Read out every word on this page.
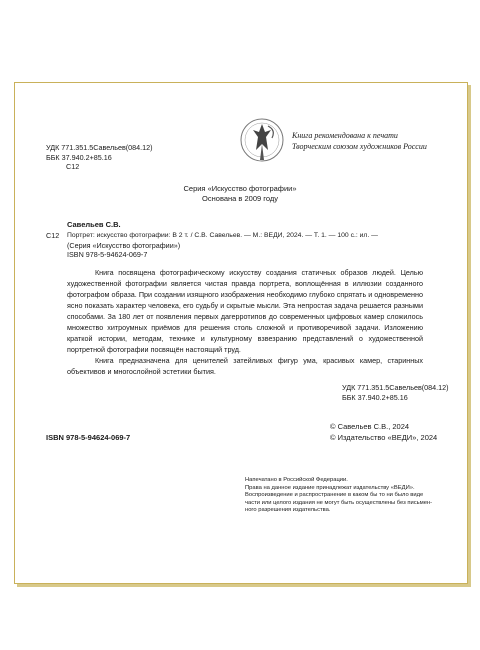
УДК 771.351.5Савельев(084.12)
ББК 37.940.2+85.16
С12
Книга рекомендована к печати
Творческим союзом художников России
Серия «Искусство фотографии»
Основана в 2009 году
Савельев С.В.
С12	Портрет: искусство фотографии: В 2 т. / С.В. Савельев. — М.: ВЕДИ, 2024. — Т. 1. — 100 с.: ил. —
(Серия «Искусство фотографии»)
ISBN 978-5-94624-069-7
Книга посвящена фотографическому искусству создания статичных образов людей. Целью художественной фотографии является чистая правда портрета, воплощённая в иллюзии созданного фотографом образа. При создании изящного изображения необходимо глубоко спрятать и одновременно ясно показать характер человека, его судьбу и скрытые мысли. Эта непростая задача решается разными способами. За 180 лет от появления первых дагерротипов до современных цифровых камер сложилось множество хитроумных приёмов для решения столь сложной и противоречивой задачи. Изложению краткой истории, методам, технике и культурному взвезранию представлений о художественной портретной фотографии посвящён настоящий труд.
Книга предназначена для ценителей затейливых фигур ума, красивых камер, старинных объективов и многослойной эстетики бытия.
УДК 771.351.5Савельев(084.12)
ББК 37.940.2+85.16
ISBN 978-5-94624-069-7
© Савельев С.В., 2024
© Издательство «ВЕДИ», 2024
Напечатано в Российской Федерации.
Права на данное издание принадлежат издательству «ВЕДИ».
Воспроизведение и распространение в каком бы то ни было виде
части или целого издания не могут быть осуществлены без письмен-
ного разрешения издательства.
